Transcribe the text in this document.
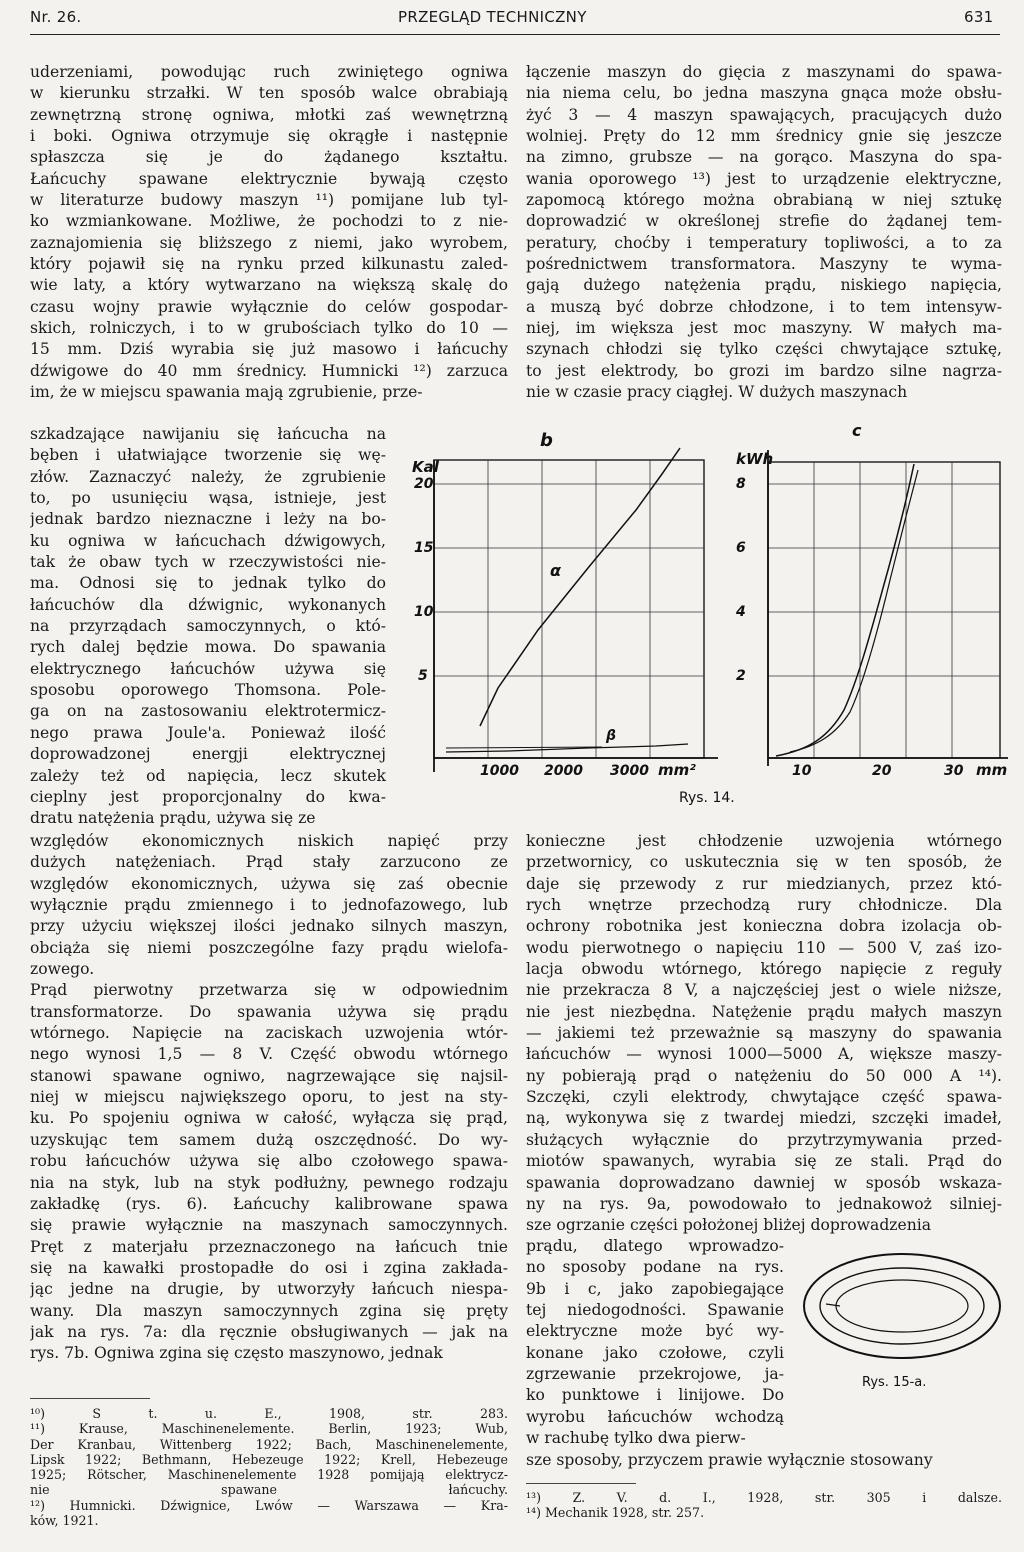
Nr. 26.	PRZEGLĄD TECHNICZNY	631
uderzeniami, powodując ruch zwiniętego ogniwa
w kierunku strzałki. W ten sposób walce obrabiają
zewnętrzną stronę ogniwa, młotki zaś wewnętrzną
i boki. Ogniwa otrzymuje się okrągłe i następnie
spłaszcza się je do żądanego kształtu.
Łańcuchy spawane elektrycznie bywają często
w literaturze budowy maszyn ¹¹) pomijane lub tyl-
ko wzmiankowane. Możliwe, że pochodzi to z nie-
zaznajomienia się bliższego z niemi, jako wyrobem,
który pojawił się na rynku przed kilkunastu zaled-
wie laty, a który wytwarzano na większą skalę do
czasu wojny prawie wyłącznie do celów gospodar-
skich, rolniczych, i to w grubościach tylko do 10 —
15 mm. Dziś wyrabia się już masowo i łańcuchy
dźwigowe do 40 mm średnicy. Humnicki ¹²) zarzuca
im, że w miejscu spawania mają zgrubienie, prze-
szkadzające nawijaniu się łańcucha na
bęben i ułatwiające tworzenie się wę-
złów. Zaznaczyć należy, że zgrubienie
to, po usunięciu wąsa, istnieje, jest
jednak bardzo nieznaczne i leży na bo-
ku ogniwa w łańcuchach dźwigowych,
tak że obaw tych w rzeczywistości nie-
ma. Odnosi się to jednak tylko do
łańcuchów dla dźwignic, wykonanych
na przyrządach samoczynnych, o któ-
rych dalej będzie mowa. Do spawania
elektrycznego łańcuchów używa się
sposobu oporowego Thomsona. Pole-
ga on na zastosowaniu elektrotermicz-
nego prawa Joule'a. Ponieważ ilość
doprowadzonej energji elektrycznej
zależy też od napięcia, lecz skutek
cieplny jest proporcjonalny do kwa-
dratu natężenia prądu, używa się ze
względów ekonomicznych niskich napięć przy
dużych natężeniach. Prąd stały zarzucono ze
względów ekonomicznych, używa się zaś obecnie
wyłącznie prądu zmiennego i to jednofazowego, lub
przy użyciu większej ilości jednako silnych maszyn,
obciąża się niemi poszczególne fazy prądu wielofa-
zowego.
Prąd pierwotny przetwarza się w odpowiednim
transformatorze. Do spawania używa się prądu
wtórnego. Napięcie na zaciskach uzwojenia wtór-
nego wynosi 1,5 — 8 V. Część obwodu wtórnego
stanowi spawane ogniwo, nagrzewające się najsil-
niej w miejscu największego oporu, to jest na sty-
ku. Po spojeniu ogniwa w całość, wyłącza się prąd,
uzyskując tem samem dużą oszczędność. Do wy-
robu łańcuchów używa się albo czołowego spawa-
nia na styk, lub na styk podłużny, pewnego rodzaju
zakładkę (rys. 6). Łańcuchy kalibrowane spawa
się prawie wyłącznie na maszynach samoczynnych.
Pręt z materjału przeznaczonego na łańcuch tnie
się na kawałki prostopadłe do osi i zgina zakłada-
jąc jedne na drugie, by utworzyły łańcuch niespa-
wany. Dla maszyn samoczynnych zgina się pręty
jak na rys. 7a: dla ręcznie obsługiwanych — jak na
rys. 7b. Ogniwa zgina się często maszynowo, jednak
¹⁰) S t. u. E., 1908, str. 283.
¹¹) Krause, Maschinenelemente. Berlin, 1923; Wub,
Der Kranbau, Wittenberg 1922; Bach, Maschinenelemente,
Lipsk 1922; Bethmann, Hebezeuge 1922; Krell, Hebezeuge
1925; Rötscher, Maschinenelemente 1928 pomijają elektrycz-
nie spawane łańcuchy.
¹²) Humnicki. Dźwignice, Lwów — Warszawa — Kra-
ków, 1921.
łączenie maszyn do gięcia z maszynami do spawa-
nia niema celu, bo jedna maszyna gnąca może obsłu-
żyć 3 — 4 maszyn spawających, pracujących dużo
wolniej. Pręty do 12 mm średnicy gnie się jeszcze
na zimno, grubsze — na gorąco. Maszyna do spa-
wania oporowego ¹³) jest to urządzenie elektryczne,
zapomocą którego można obrabianą w niej sztukę
doprowadzić w określonej strefie do żądanej tem-
peratury, choćby i temperatury topliwości, a to za
pośrednictwem transformatora. Maszyny te wyma-
gają dużego natężenia prądu, niskiego napięcia,
a muszą być dobrze chłodzone, i to tem intensyw-
niej, im większa jest moc maszyny. W małych ma-
szynach chłodzi się tylko części chwytające sztukę,
to jest elektrody, bo grozi im bardzo silne nagrza-
nie w czasie pracy ciągłej. W dużych maszynach
konieczne jest chłodzenie uzwojenia wtórnego
przetwornicy, co uskutecznia się w ten sposób, że
daje się przewody z rur miedzianych, przez któ-
rych wnętrze przechodzą rury chłodnicze. Dla
ochrony robotnika jest konieczna dobra izolacja ob-
wodu pierwotnego o napięciu 110 — 500 V, zaś izo-
lacja obwodu wtórnego, którego napięcie z reguły
nie przekracza 8 V, a najczęściej jest o wiele niższe,
nie jest niezbędna. Natężenie prądu małych maszyn
— jakiemi też przeważnie są maszyny do spawania
łańcuchów — wynosi 1000—5000 A, większe maszy-
ny pobierają prąd o natężeniu do 50 000 A ¹⁴).
Szczęki, czyli elektrody, chwytające część spawa-
ną, wykonywa się z twardej miedzi, szczęki imadeł,
służących wyłącznie do przytrzymywania przed-
miotów spawanych, wyrabia się ze stali. Prąd do
spawania doprowadzano dawniej w sposób wskaza-
ny na rys. 9a, powodowało to jednakowoż silniej-
sze ogrzanie części położonej bliżej doprowadzenia
prądu, dlatego wprowadzo-
no sposoby podane na rys.
9b i c, jako zapobiegające
tej niedogodności. Spawanie
elektryczne może być wy-
konane jako czołowe, czyli
zgrzewanie przekrojowe, ja-
ko punktowe i linijowe. Do
wyrobu łańcuchów wchodzą
w rachubę tylko dwa pierw-
sze sposoby, przyczem prawie wyłącznie stosowany
¹³) Z. V. d. I., 1928, str. 305 i dalsze.
¹⁴) Mechanik 1928, str. 257.
b
Kal
20
15
10
5
α
β
1000 2000 3000 mm²
c
kWh
8
6
4
2
10	20	30 mm
Rys. 14.
Rys. 15-a.
